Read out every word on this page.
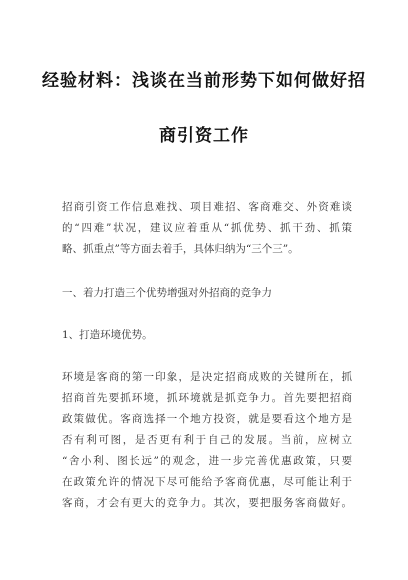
经验材料：浅谈在当前形势下如何做好招
商引资工作
招商引资工作信息难找、项目难招、客商难交、外资难谈
的“四难”状况，建议应着重从“抓优势、抓干劲、抓策
略、抓重点”等方面去着手，具体归纳为“三个三”。
一、着力打造三个优势增强对外招商的竞争力
1、打造环境优势。
环境是客商的第一印象，是决定招商成败的关键所在，抓
招商首先要抓环境，抓环境就是抓竞争力。首先要把招商
政策做优。客商选择一个地方投资，就是要看这个地方是
否有利可图，是否更有利于自己的发展。当前，应树立
“舍小利、图长远”的观念，进一步完善优惠政策，只要
在政策允许的情况下尽可能给予客商优惠，尽可能让利于
客商，才会有更大的竞争力。其次，要把服务客商做好。
